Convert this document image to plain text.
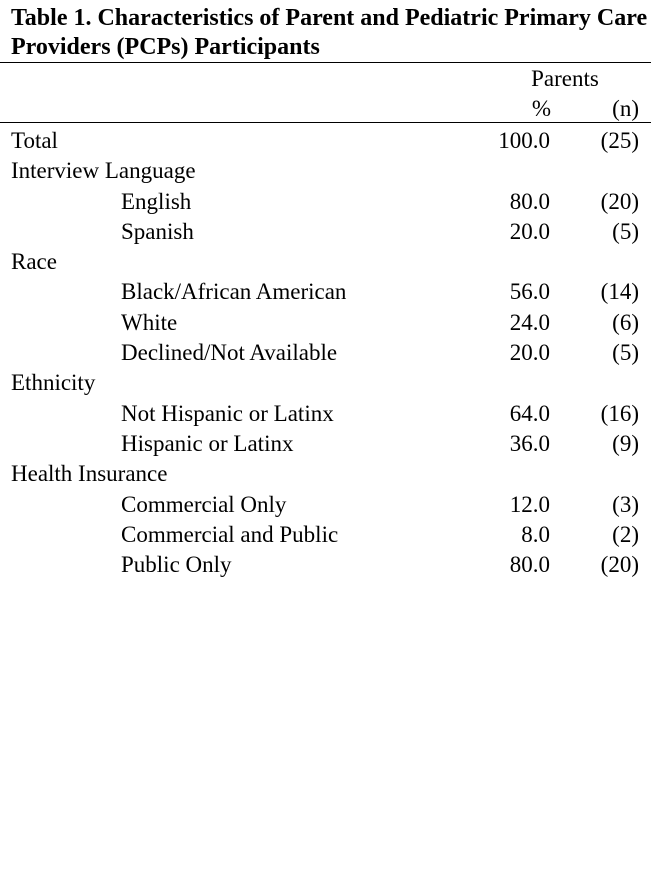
Table 1. Characteristics of Parent and Pediatric Primary Care Providers (PCPs) Participants

Parents
%	(n)
Total	100.0 (25)
Interview Language
English	80.0 (20)
Spanish	20.0	(5)
Race
Black/African American	56.0 (14)
White	24.0	(6)
Declined/Not Available	20.0	(5)
Ethnicity
Not Hispanic or Latinx	64.0 (16)
Hispanic or Latinx	36.0	(9)
Health Insurance
Commercial Only	12.0	(3)
Commercial and Public	8.0	(2)
Public Only	80.0 (20)
